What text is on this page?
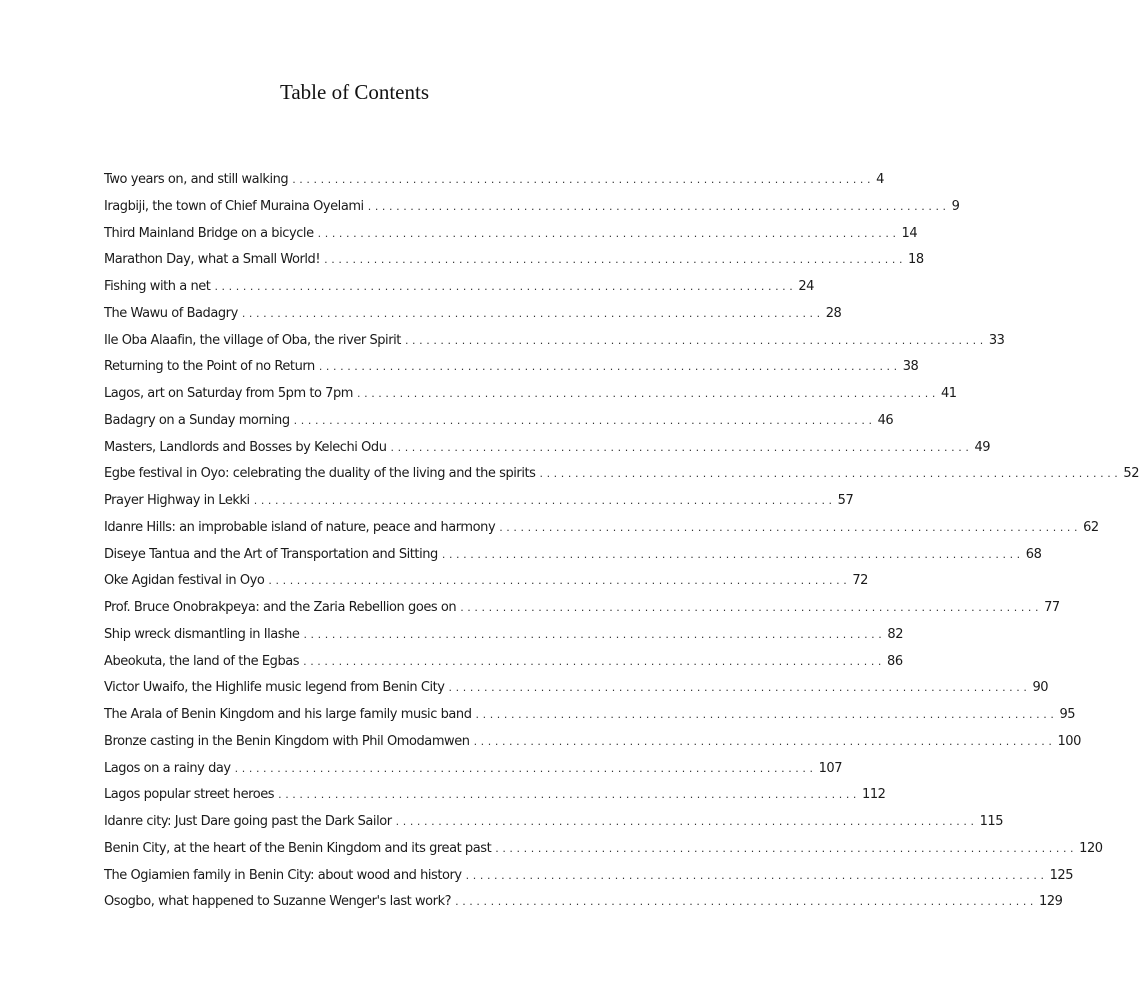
Table of Contents
Two years on, and still walking .................................................................................. 4
Iragbiji, the town of Chief Muraina Oyelami .................................................................................. 9
Third Mainland Bridge on a bicycle .................................................................................. 14
Marathon Day, what a Small World! .................................................................................. 18
Fishing with a net .................................................................................. 24
The Wawu of Badagry .................................................................................. 28
Ile Oba Alaafin, the village of Oba, the river Spirit .................................................................................. 33
Returning to the Point of no Return .................................................................................. 38
Lagos, art on Saturday from 5pm to 7pm .................................................................................. 41
Badagry on a Sunday morning .................................................................................. 46
Masters, Landlords and Bosses by Kelechi Odu .................................................................................. 49
Egbe festival in Oyo: celebrating the duality of the living and the spirits .................................................................................. 52
Prayer Highway in Lekki .................................................................................. 57
Idanre Hills: an improbable island of nature, peace and harmony .................................................................................. 62
Diseye Tantua and the Art of Transportation and Sitting .................................................................................. 68
Oke Agidan festival in Oyo .................................................................................. 72
Prof. Bruce Onobrakpeya: and the Zaria Rebellion goes on .................................................................................. 77
Ship wreck dismantling in Ilashe .................................................................................. 82
Abeokuta, the land of the Egbas .................................................................................. 86
Victor Uwaifo, the Highlife music legend from Benin City .................................................................................. 90
The Arala of Benin Kingdom and his large family music band .................................................................................. 95
Bronze casting in the Benin Kingdom with Phil Omodamwen .................................................................................. 100
Lagos on a rainy day .................................................................................. 107
Lagos popular street heroes .................................................................................. 112
Idanre city: Just Dare going past the Dark Sailor .................................................................................. 115
Benin City, at the heart of the Benin Kingdom and its great past .................................................................................. 120
The Ogiamien family in Benin City: about wood and history .................................................................................. 125
Osogbo, what happened to Suzanne Wenger's last work? .................................................................................. 129
